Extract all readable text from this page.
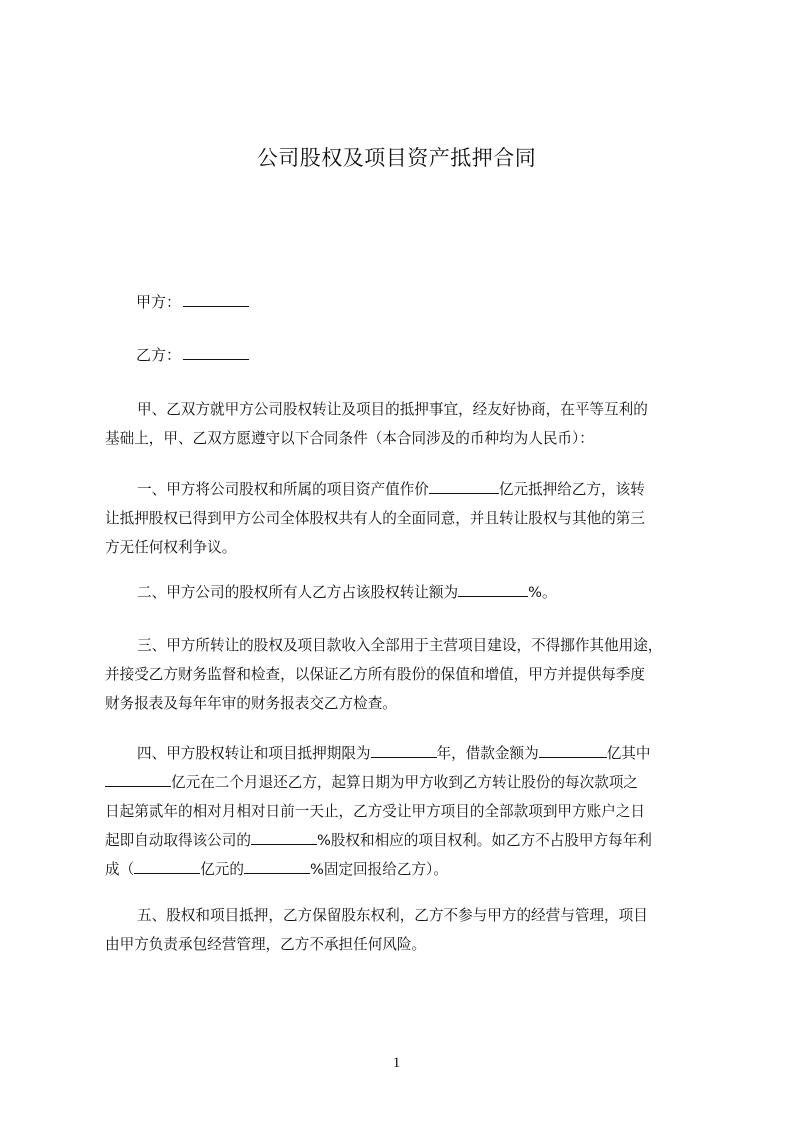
公司股权及项目资产抵押合同
甲方：
乙方：
甲、乙双方就甲方公司股权转让及项目的抵押事宜，经友好协商，在平等互利的
基础上，甲、乙双方愿遵守以下合同条件（本合同涉及的币种均为人民币）：
一、甲方将公司股权和所属的项目资产值作价	亿元抵押给乙方，该转
让抵押股权已得到甲方公司全体股权共有人的全面同意，并且转让股权与其他的第三
方无任何权利争议。
二、甲方公司的股权所有人乙方占该股权转让额为	%。
三、甲方所转让的股权及项目款收入全部用于主营项目建设，不得挪作其他用途，
并接受乙方财务监督和检查，以保证乙方所有股份的保值和增值，甲方并提供每季度
财务报表及每年年审的财务报表交乙方检查。
四、甲方股权转让和项目抵押期限为	年，借款金额为	亿其中
亿元在二个月退还乙方，起算日期为甲方收到乙方转让股份的每次款项之
日起第贰年的相对月相对日前一天止，乙方受让甲方项目的全部款项到甲方账户之日
起即自动取得该公司的	%股权和相应的项目权利。如乙方不占股甲方每年利
成（	亿元的	%固定回报给乙方）。
五、股权和项目抵押，乙方保留股东权利，乙方不参与甲方的经营与管理，项目
由甲方负责承包经营管理，乙方不承担任何风险。
1
